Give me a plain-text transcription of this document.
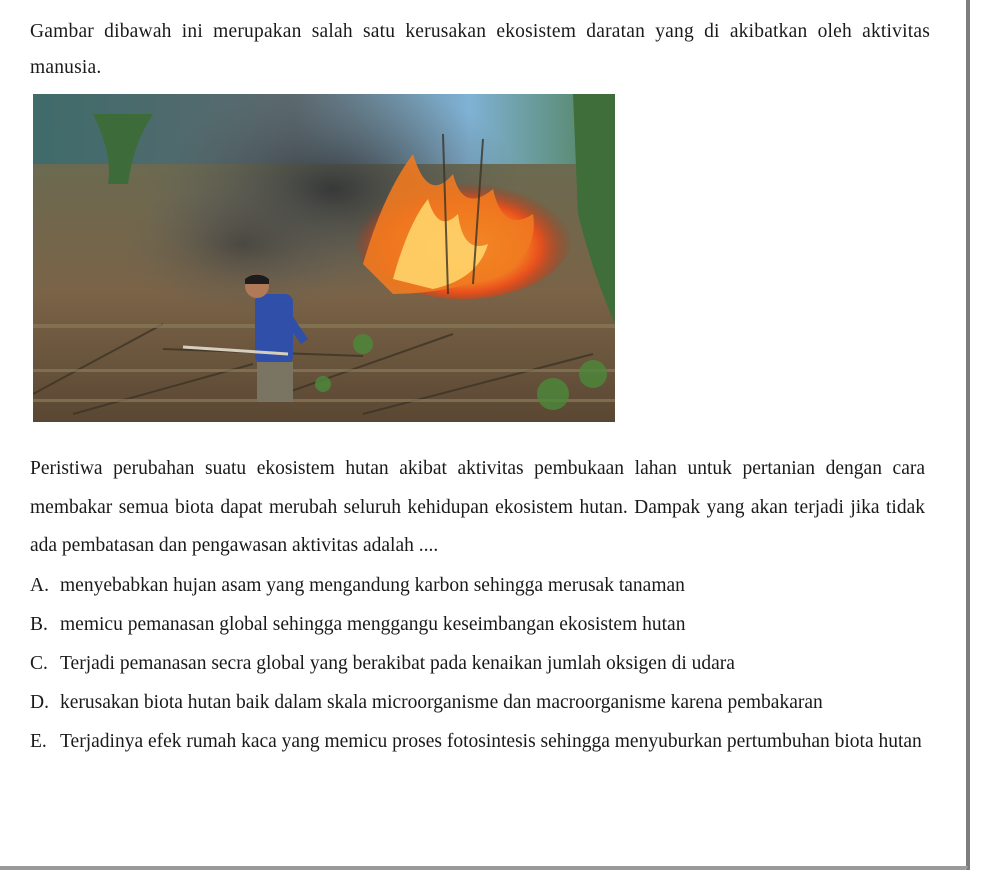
Gambar dibawah ini merupakan salah satu kerusakan ekosistem daratan yang di akibatkan oleh aktivitas manusia.

Peristiwa perubahan suatu ekosistem hutan akibat aktivitas pembukaan lahan untuk pertanian dengan cara membakar semua biota dapat merubah seluruh kehidupan ekosistem hutan. Dampak yang akan terjadi jika tidak ada pembatasan dan pengawasan aktivitas adalah ....

A. menyebabkan hujan asam yang mengandung karbon sehingga merusak tanaman
B. memicu pemanasan global sehingga menggangu keseimbangan ekosistem hutan
C. Terjadi pemanasan secra global yang berakibat pada kenaikan jumlah oksigen di udara
D. kerusakan biota hutan baik dalam skala microorganisme dan macroorganisme karena pembakaran
E. Terjadinya efek rumah kaca yang memicu proses fotosintesis sehingga menyuburkan pertumbuhan biota hutan
